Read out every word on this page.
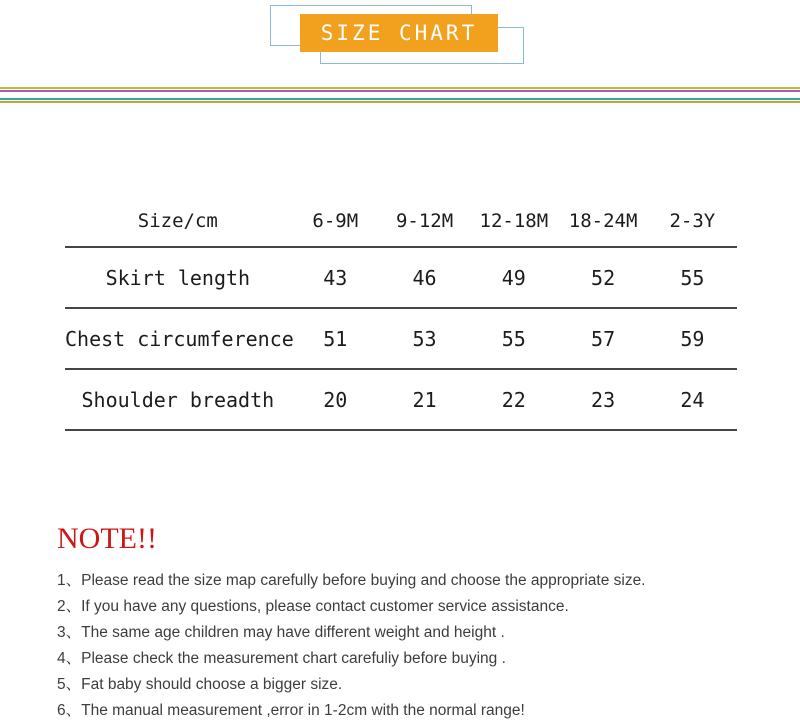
SIZE CHART
Size/cm	6-9M	9-12M	12-18M	18-24M	2-3Y
Skirt length	43	46	49	52	55
Chest circumference	51	53	55	57	59
Shoulder breadth	20	21	22	23	24
NOTE!!
1、Please read the size map carefully before buying and choose the appropriate size.
2、If you have any questions, please contact customer service assistance.
3、The same age children may have different weight and height .
4、Please check the measurement chart carefuliy before buying .
5、Fat baby should choose a bigger size.
6、The manual measurement ,error in 1-2cm with the normal range!
